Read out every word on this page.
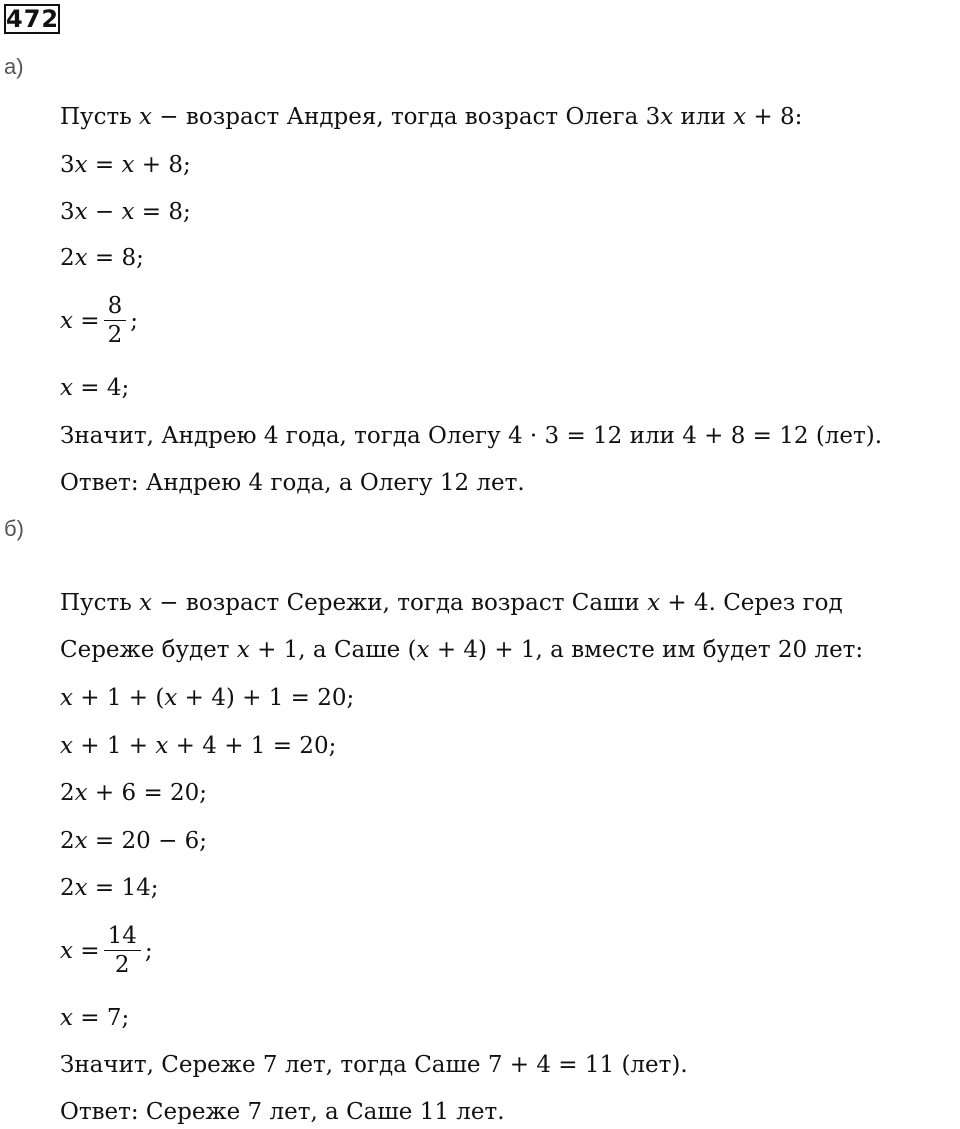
472
а)
Пусть 𝑥 − возраст Андрея, тогда возраст Олега 3𝑥 или 𝑥 + 8:
3𝑥 = 𝑥 + 8;
3𝑥 − 𝑥 = 8;
2𝑥 = 8;
𝑥 = $\frac{8}{2}$ ;
𝑥 = 4;
Значит, Андрею 4 года, тогда Олегу 4 · 3 = 12 или 4 + 8 = 12 (лет).
Ответ: Андрею 4 года, а Олегу 12 лет.
б)
Пусть 𝑥 − возраст Сережи, тогда возраст Саши 𝑥 + 4. Серез год
Сереже будет 𝑥 + 1, а Саше (𝑥 + 4) + 1, а вместе им будет 20 лет:
𝑥 + 1 + (𝑥 + 4) + 1 = 20;
𝑥 + 1 + 𝑥 + 4 + 1 = 20;
2𝑥 + 6 = 20;
2𝑥 = 20 − 6;
2𝑥 = 14;
𝑥 = $\frac{14}{2}$ ;
𝑥 = 7;
Значит, Сереже 7 лет, тогда Саше 7 + 4 = 11 (лет).
Ответ: Сереже 7 лет, а Саше 11 лет.
